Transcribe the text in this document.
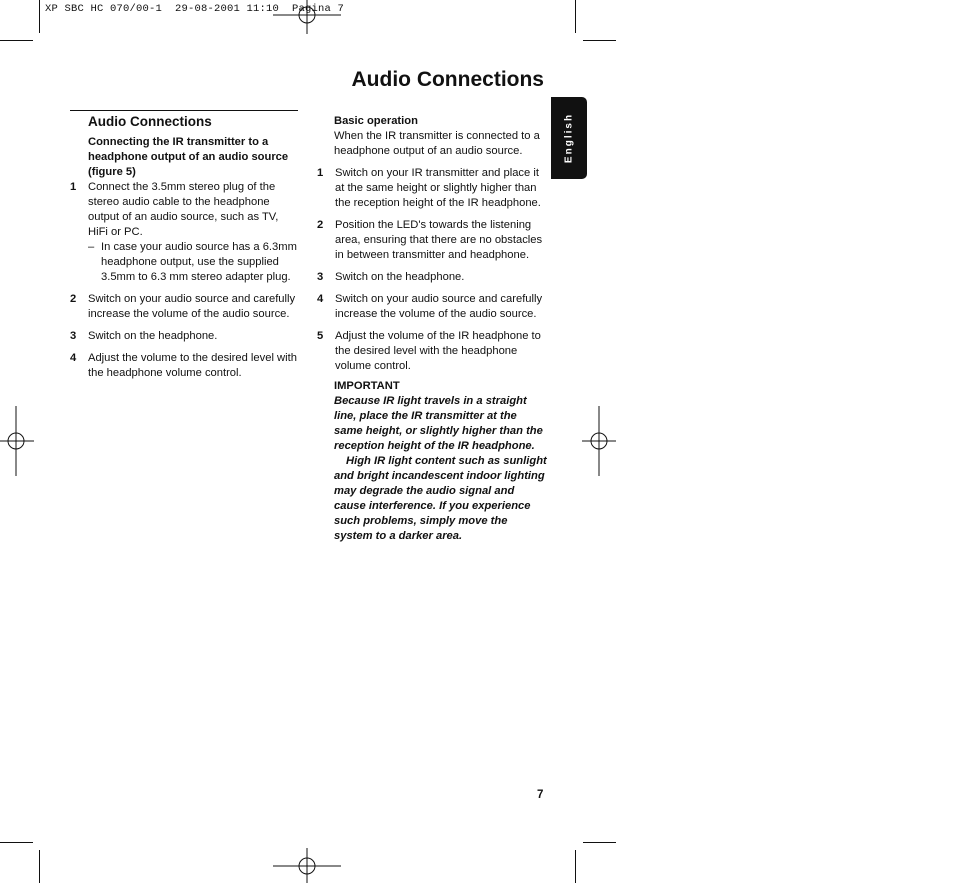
XP SBC HC 070/00-1  29-08-2001 11:10  Pagina 7
Audio Connections
English
Audio Connections
Connecting the IR transmitter to a headphone output of an audio source (figure 5)
1 Connect the 3.5mm stereo plug of the stereo audio cable to the headphone output of an audio source, such as TV, HiFi or PC.
– In case your audio source has a 6.3mm headphone output, use the supplied 3.5mm to 6.3 mm stereo adapter plug.
2 Switch on your audio source and carefully increase the volume of the audio source.
3 Switch on the headphone.
4 Adjust the volume to the desired level with the headphone volume control.
Basic operation
When the IR transmitter is connected to a headphone output of an audio source.
1 Switch on your IR transmitter and place it at the same height or slightly higher than the reception height of the IR headphone.
2 Position the LED's towards the listening area, ensuring that there are no obstacles in between transmitter and headphone.
3 Switch on the headphone.
4 Switch on your audio source and carefully increase the volume of the audio source.
5 Adjust the volume of the IR headphone to the desired level with the headphone volume control.
IMPORTANT
Because IR light travels in a straight line, place the IR transmitter at the same height, or slightly higher than the reception height of the IR headphone.
High IR light content such as sunlight and bright incandescent indoor lighting may degrade the audio signal and cause interference. If you experience such problems, simply move the system to a darker area.
7
